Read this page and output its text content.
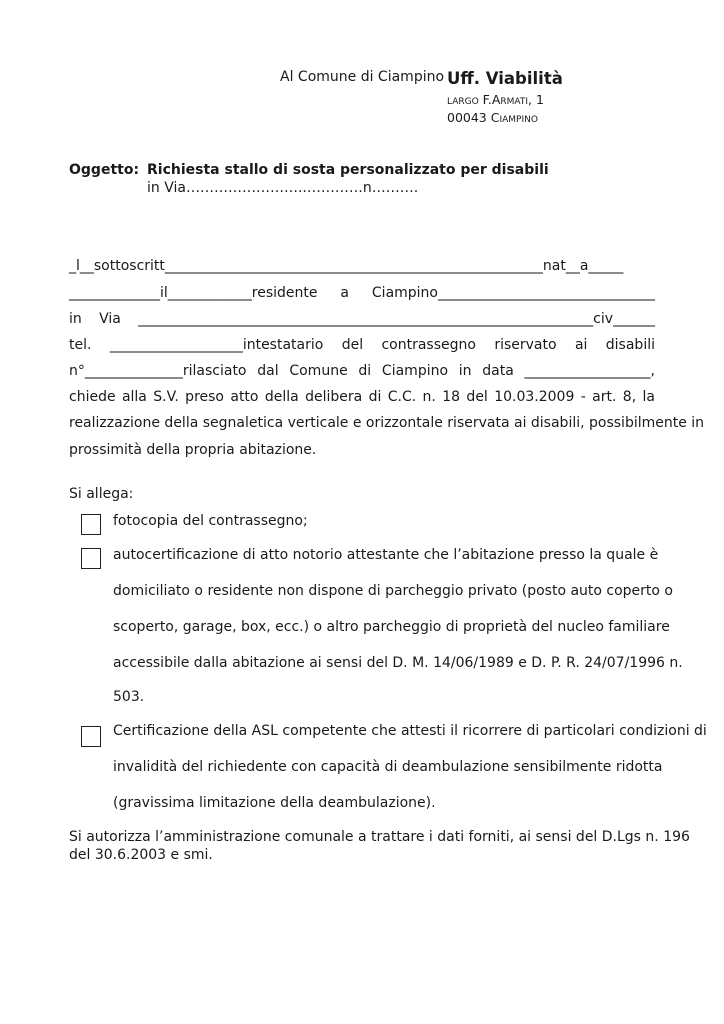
Al Comune di Ciampino Uff. Viabilità
largo F.Armati, 1
00043 Ciampino
Oggetto: Richiesta stallo di sosta personalizzato per disabili
in Via……………………..…………n……….
_l__sottoscritt______________________________________________________nat__a_____
_____________il____________residente a Ciampino_______________________________
in Via _________________________________________________________________civ______
tel. ___________________intestatario del contrassegno riservato ai disabili
n°______________rilasciato dal Comune di Ciampino in data __________________,
chiede alla S.V. preso atto della delibera di C.C. n. 18 del 10.03.2009 - art. 8, la
realizzazione della segnaletica verticale e orizzontale riservata ai disabili, possibilmente in
prossimità della propria abitazione.
Si allega:
fotocopia del contrassegno;
autocertificazione di atto notorio attestante che l’abitazione presso la quale è
domiciliato o residente non dispone di parcheggio privato (posto auto coperto o
scoperto, garage, box, ecc.) o altro parcheggio di proprietà del nucleo familiare
accessibile dalla abitazione ai sensi del D. M. 14/06/1989 e D. P. R. 24/07/1996 n.
503.
Certificazione della ASL competente che attesti il ricorrere di particolari condizioni di
invalidità del richiedente con capacità di deambulazione sensibilmente ridotta
(gravissima limitazione della deambulazione).
Si autorizza l’amministrazione comunale a trattare i dati forniti, ai sensi del D.Lgs n. 196
del 30.6.2003 e smi.
